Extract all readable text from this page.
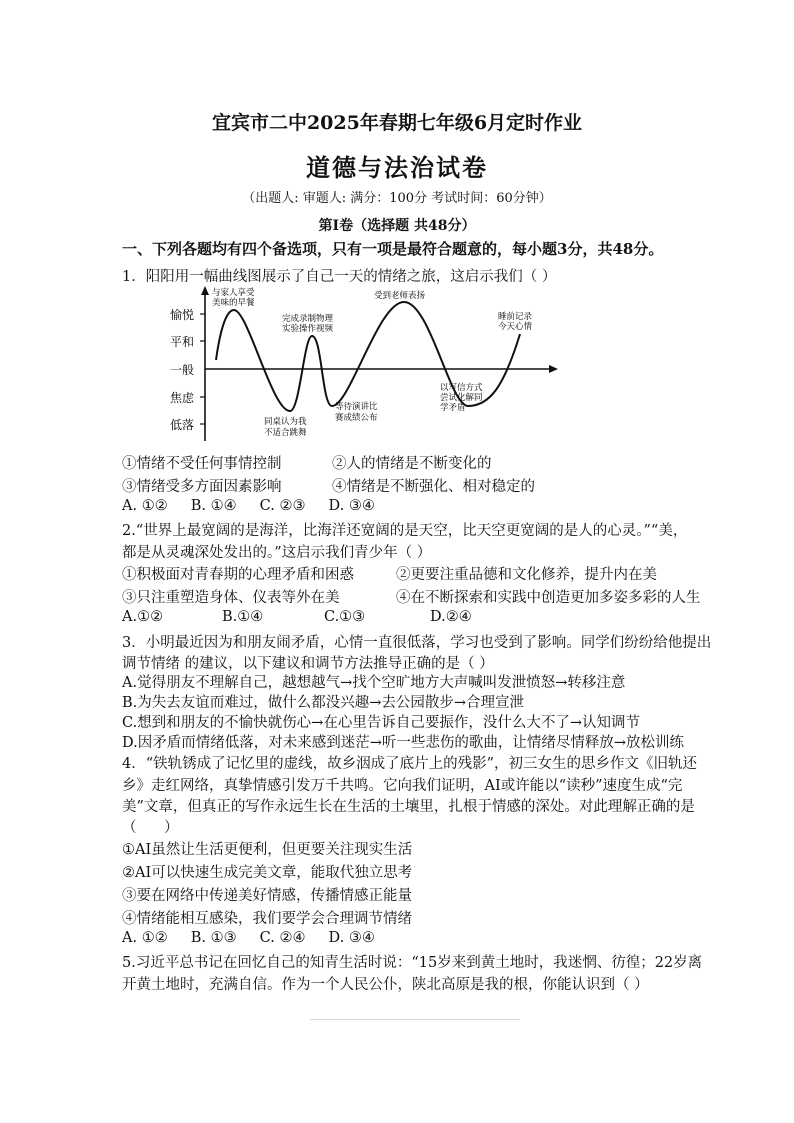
宜宾市二中2025年春期七年级6月定时作业
道德与法治试卷
（出题人: 审题人: 满分：100分 考试时间：60分钟）
第Ⅰ卷（选择题 共48分）
一、下列各题均有四个备选项，只有一项是最符合题意的，每小题3分，共48分。
1．阳阳用一幅曲线图展示了自己一天的情绪之旅，这启示我们（ ）
愉悦
平和
一般
焦虑
低落
与家人享受
美味的早餐
同桌认为我
不适合跳舞
完成录制物理
实验操作视频
等待演讲比
赛成绩公布
受到老师表扬
以写信方式
尝试化解同
学矛盾
睡前记录
今天心情
①情绪不受任何事情控制	②人的情绪是不断变化的
③情绪受多方面因素影响	④情绪是不断强化、相对稳定的
A. ①②     B. ①④     C. ②③     D. ③④
2.“世界上最宽阔的是海洋，比海洋还宽阔的是天空，比天空更宽阔的是人的心灵。”“美，
都是从灵魂深处发出的。”这启示我们青少年（ ）
①积极面对青春期的心理矛盾和困惑	②更要注重品德和文化修养，提升内在美
③只注重塑造身体、仪表等外在美	④在不断探索和实践中创造更加多姿多彩的人生
A.①②	B.①④	C.①③	D.②④
3．小明最近因为和朋友闹矛盾，心情一直很低落，学习也受到了影响。同学们纷纷给他提出
调节情绪 的建议，以下建议和调节方法推导正确的是（ ）
A.觉得朋友不理解自己，越想越气→找个空旷地方大声喊叫发泄愤怒→转移注意
B.为失去友谊而难过，做什么都没兴趣→去公园散步→合理宣泄
C.想到和朋友的不愉快就伤心→在心里告诉自己要振作，没什么大不了→认知调节
D.因矛盾而情绪低落，对未来感到迷茫→听一些悲伤的歌曲，让情绪尽情释放→放松训练
4．“铁轨锈成了记忆里的虚线，故乡洇成了底片上的残影”，初三女生的思乡作文《旧轨还
乡》走红网络，真挚情感引发万千共鸣。它向我们证明，AI或许能以“读秒”速度生成“完
美”文章，但真正的写作永远生长在生活的土壤里，扎根于情感的深处。对此理解正确的是
（      ）
①AI虽然让生活更便利，但更要关注现实生活
②AI可以快速生成完美文章，能取代独立思考
③要在网络中传递美好情感，传播情感正能量
④情绪能相互感染，我们要学会合理调节情绪
A. ①②     B. ①③     C. ②④     D. ③④
5.习近平总书记在回忆自己的知青生活时说：“15岁来到黄土地时，我迷惘、彷徨；22岁离
开黄土地时，充满自信。作为一个人民公仆，陕北高原是我的根，你能认识到（ ）
